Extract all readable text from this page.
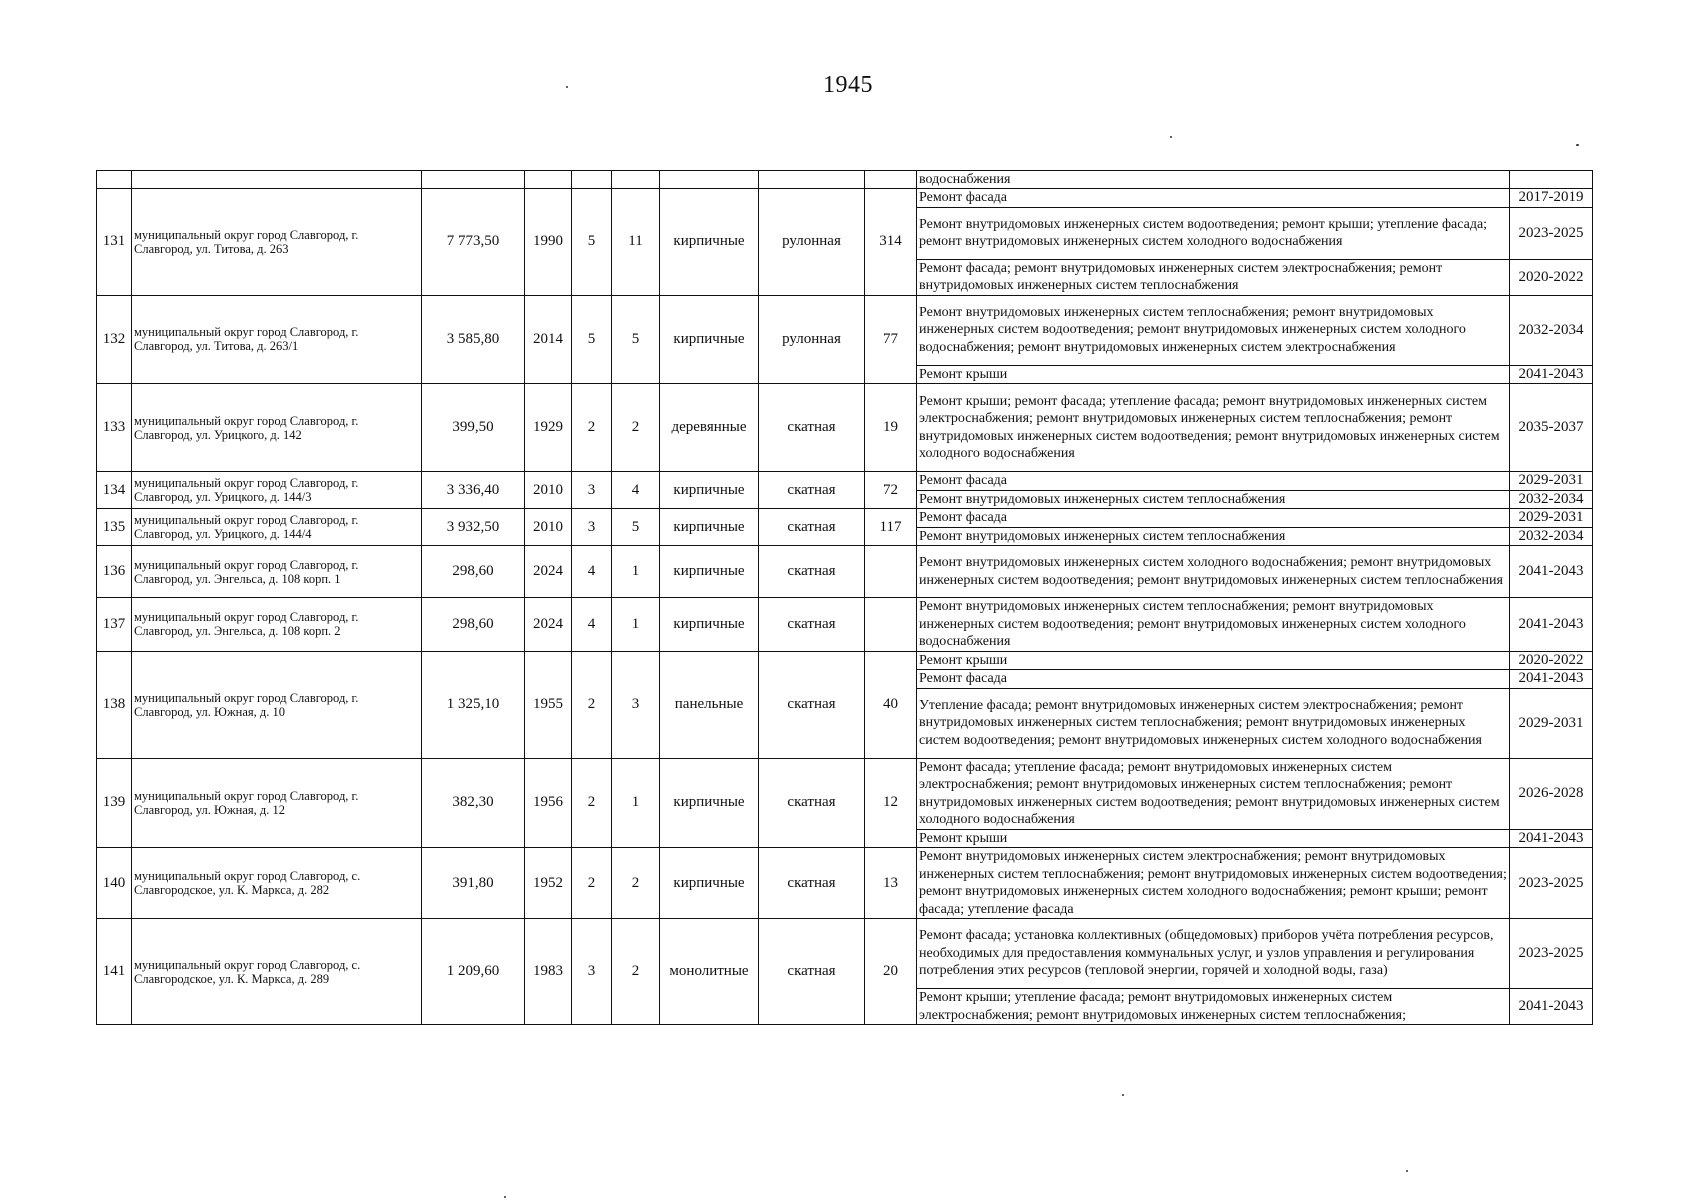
1945
									водоснабжения	
131	муниципальный округ город Славгород, г. Славгород, ул. Титова, д. 263	7 773,50	1990	5	11	кирпичные	рулонная	314	Ремонт фасада	2017-2019
									Ремонт внутридомовых инженерных систем водоотведения; ремонт крыши; утепление фасада; ремонт внутридомовых инженерных систем холодного водоснабжения	2023-2025
									Ремонт фасада; ремонт внутридомовых инженерных систем электроснабжения; ремонт внутридомовых инженерных систем теплоснабжения	2020-2022
132	муниципальный округ город Славгород, г. Славгород, ул. Титова, д. 263/1	3 585,80	2014	5	5	кирпичные	рулонная	77	Ремонт внутридомовых инженерных систем теплоснабжения; ремонт внутридомовых инженерных систем водоотведения; ремонт внутридомовых инженерных систем холодного водоснабжения; ремонт внутридомовых инженерных систем электроснабжения	2032-2034
									Ремонт крыши	2041-2043
133	муниципальный округ город Славгород, г. Славгород, ул. Урицкого, д. 142	399,50	1929	2	2	деревянные	скатная	19	Ремонт крыши; ремонт фасада; утепление фасада; ремонт внутридомовых инженерных систем электроснабжения; ремонт внутридомовых инженерных систем теплоснабжения; ремонт внутридомовых инженерных систем водоотведения; ремонт внутридомовых инженерных систем холодного водоснабжения	2035-2037
134	муниципальный округ город Славгород, г. Славгород, ул. Урицкого, д. 144/3	3 336,40	2010	3	4	кирпичные	скатная	72	Ремонт фасада	2029-2031
									Ремонт внутридомовых инженерных систем теплоснабжения	2032-2034
135	муниципальный округ город Славгород, г. Славгород, ул. Урицкого, д. 144/4	3 932,50	2010	3	5	кирпичные	скатная	117	Ремонт фасада	2029-2031
									Ремонт внутридомовых инженерных систем теплоснабжения	2032-2034
136	муниципальный округ город Славгород, г. Славгород, ул. Энгельса, д. 108 корп. 1	298,60	2024	4	1	кирпичные	скатная		Ремонт внутридомовых инженерных систем холодного водоснабжения; ремонт внутридомовых инженерных систем водоотведения; ремонт внутридомовых инженерных систем теплоснабжения	2041-2043
137	муниципальный округ город Славгород, г. Славгород, ул. Энгельса, д. 108 корп. 2	298,60	2024	4	1	кирпичные	скатная		Ремонт внутридомовых инженерных систем теплоснабжения; ремонт внутридомовых инженерных систем водоотведения; ремонт внутридомовых инженерных систем холодного водоснабжения	2041-2043
138	муниципальный округ город Славгород, г. Славгород, ул. Южная, д. 10	1 325,10	1955	2	3	панельные	скатная	40	Ремонт крыши	2020-2022
									Ремонт фасада	2041-2043
									Утепление фасада; ремонт внутридомовых инженерных систем электроснабжения; ремонт внутридомовых инженерных систем теплоснабжения; ремонт внутридомовых инженерных систем водоотведения; ремонт внутридомовых инженерных систем холодного водоснабжения	2029-2031
139	муниципальный округ город Славгород, г. Славгород, ул. Южная, д. 12	382,30	1956	2	1	кирпичные	скатная	12	Ремонт фасада; утепление фасада; ремонт внутридомовых инженерных систем электроснабжения; ремонт внутридомовых инженерных систем теплоснабжения; ремонт внутридомовых инженерных систем водоотведения; ремонт внутридомовых инженерных систем холодного водоснабжения	2026-2028
									Ремонт крыши	2041-2043
140	муниципальный округ город Славгород, с. Славгородское, ул. К. Маркса, д. 282	391,80	1952	2	2	кирпичные	скатная	13	Ремонт внутридомовых инженерных систем электроснабжения; ремонт внутридомовых инженерных систем теплоснабжения; ремонт внутридомовых инженерных систем водоотведения; ремонт внутридомовых инженерных систем холодного водоснабжения; ремонт крыши; ремонт фасада; утепление фасада	2023-2025
141	муниципальный округ город Славгород, с. Славгородское, ул. К. Маркса, д. 289	1 209,60	1983	3	2	монолитные	скатная	20	Ремонт фасада; установка коллективных (общедомовых) приборов учёта потребления ресурсов, необходимых для предоставления коммунальных услуг, и узлов управления и регулирования потребления этих ресурсов (тепловой энергии, горячей и холодной воды, газа)	2023-2025
									Ремонт крыши; утепление фасада; ремонт внутридомовых инженерных систем электроснабжения; ремонт внутридомовых инженерных систем теплоснабжения;	2041-2043
